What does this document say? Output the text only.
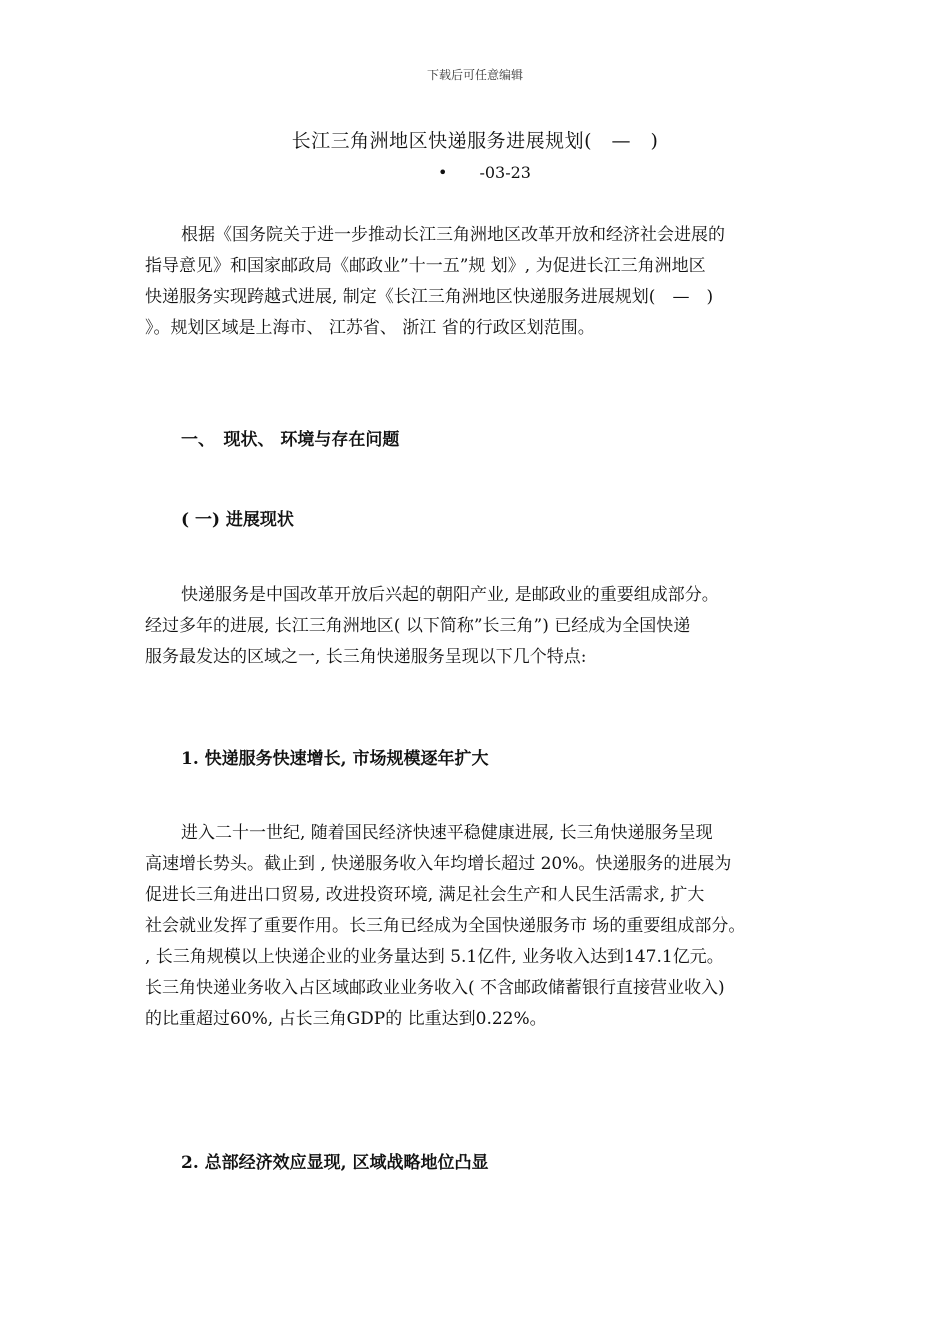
下载后可任意编辑
长江三角洲地区快递服务进展规划(　—　)
• -03-23

根据《国务院关于进一步推动长江三角洲地区改革开放和经济社会进展的
指导意见》和国家邮政局《邮政业”十一五”规 划》, 为促进长江三角洲地区
快递服务实现跨越式进展, 制定《长江三角洲地区快递服务进展规划(　—　)
》。规划区域是上海市、 江苏省、 浙江 省的行政区划范围。

一、　现状、 环境与存在问题
( 一) 进展现状

快递服务是中国改革开放后兴起的朝阳产业, 是邮政业的重要组成部分。
经过多年的进展, 长江三角洲地区( 以下简称”长三角”) 已经成为全国快递
服务最发达的区域之一, 长三角快递服务呈现以下几个特点:

1. 快递服务快速增长, 市场规模逐年扩大

进入二十一世纪, 随着国民经济快速平稳健康进展, 长三角快递服务呈现
高速增长势头。截止到 , 快递服务收入年均增长超过 20%。快递服务的进展为
促进长三角进出口贸易, 改进投资环境, 满足社会生产和人民生活需求, 扩大
社会就业发挥了重要作用。长三角已经成为全国快递服务市 场的重要组成部分。
, 长三角规模以上快递企业的业务量达到 5.1亿件, 业务收入达到147.1亿元。
长三角快递业务收入占区域邮政业业务收入( 不含邮政储蓄银行直接营业收入)
的比重超过60%, 占长三角GDP的 比重达到0.22%。

2. 总部经济效应显现, 区域战略地位凸显
